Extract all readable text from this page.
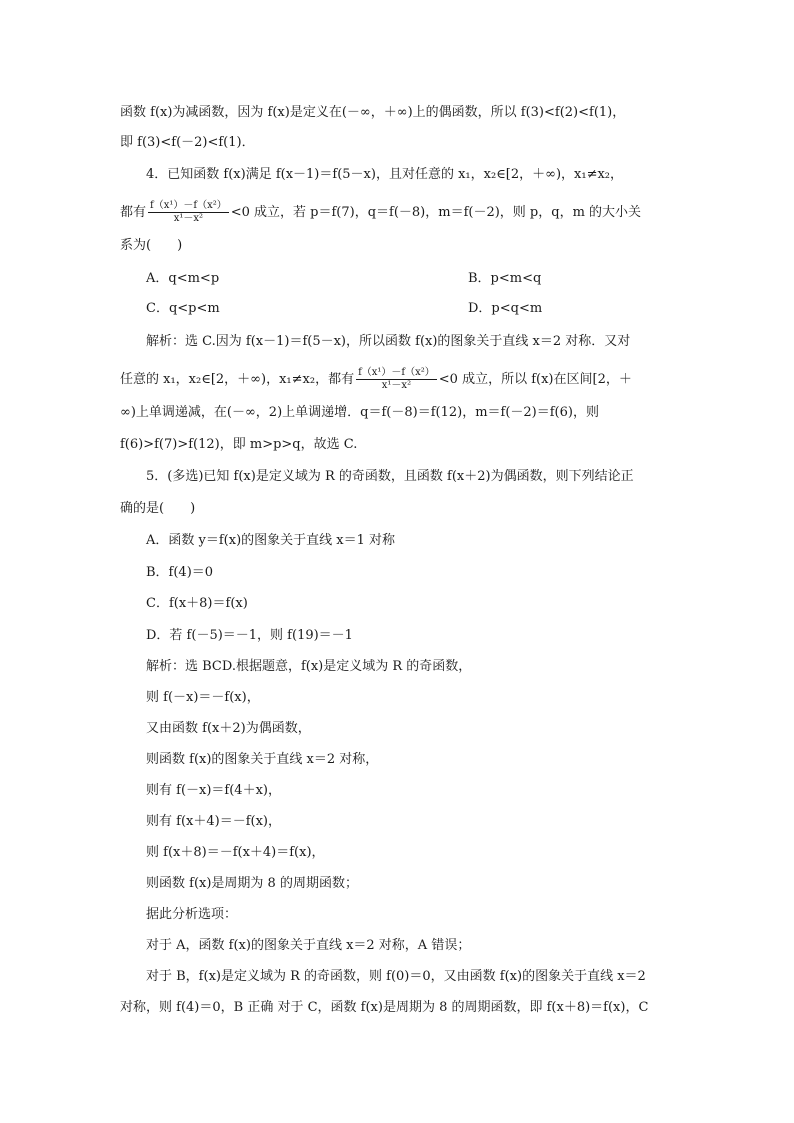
函数 f(x)为减函数，因为 f(x)是定义在(－∞，＋∞)上的偶函数，所以 f(3)<f(2)<f(1)，
即 f(3)<f(－2)<f(1)．
4．已知函数 f(x)满足 f(x－1)＝f(5－x)，且对任意的 x₁，x₂∈[2，＋∞)，x₁≠x₂，
都有 $\frac{\text{f（x¹）－f（x²）}}{\text{x¹－x²}} <0$ 成立，若 p＝f(7)，q＝f(－8)，m＝f(－2)，则 p，q，m 的大小关
系为(　　)
A．q<m<p	B．p<m<q
C．q<p<m	D．p<q<m
解析：选 C.因为 f(x－1)＝f(5－x)，所以函数 f(x)的图象关于直线 x＝2 对称．又对
任意的 x₁，x₂∈[2，＋∞)，x₁≠x₂，都有 $\frac{\text{f（x¹）－f（x²）}}{\text{x¹－x²}} <0$ 成立，所以 f(x)在区间[2，＋
∞)上单调递减，在(－∞，2)上单调递增．q＝f(－8)＝f(12)，m＝f(－2)＝f(6)，则
f(6)>f(7)>f(12)，即 m>p>q，故选 C.
5．(多选)已知 f(x)是定义域为 R 的奇函数，且函数 f(x＋2)为偶函数，则下列结论正
确的是(　　)
A．函数 y＝f(x)的图象关于直线 x＝1 对称
B．f(4)＝0
C．f(x＋8)＝f(x)
D．若 f(－5)＝－1，则 f(19)＝－1
解析：选 BCD.根据题意，f(x)是定义域为 R 的奇函数，
则 f(－x)＝－f(x)，
又由函数 f(x＋2)为偶函数，
则函数 f(x)的图象关于直线 x＝2 对称，
则有 f(－x)＝f(4＋x)，
则有 f(x＋4)＝－f(x)，
则 f(x＋8)＝－f(x＋4)＝f(x)，
则函数 f(x)是周期为 8 的周期函数；
据此分析选项：
对于 A，函数 f(x)的图象关于直线 x＝2 对称，A 错误；
对于 B，f(x)是定义域为 R 的奇函数，则 f(0)＝0，又由函数 f(x)的图象关于直线 x＝2
对称，则 f(4)＝0，B 正确 对于 C，函数 f(x)是周期为 8 的周期函数，即 f(x＋8)＝f(x)，C
